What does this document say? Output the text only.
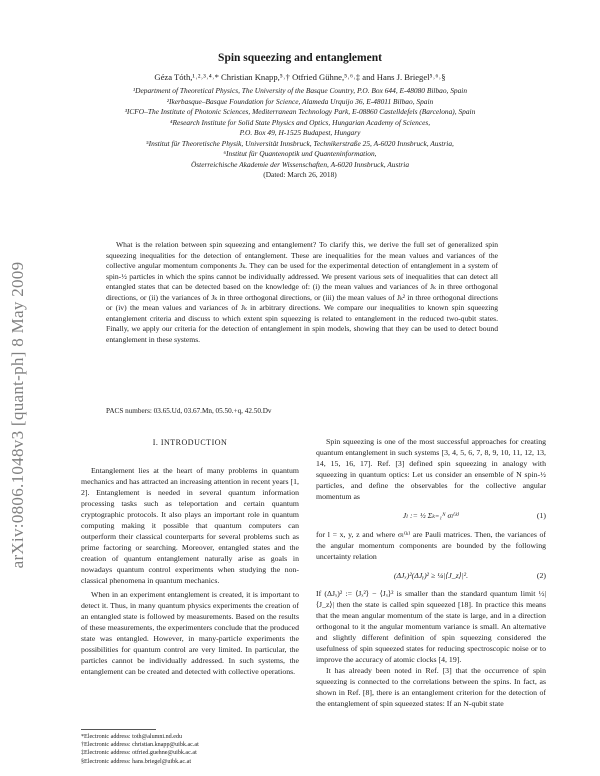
arXiv:0806.1048v3 [quant-ph] 8 May 2009
Spin squeezing and entanglement
Géza Tóth,¹˒²˒³˒⁴˒* Christian Knapp,⁵˒† Otfried Gühne,⁵˒⁶˒‡ and Hans J. Briegel⁵˒⁶˒§
¹Department of Theoretical Physics, The University of the Basque Country, P.O. Box 644, E-48080 Bilbao, Spain
²Ikerbasque–Basque Foundation for Science, Alameda Urquijo 36, E-48011 Bilbao, Spain
³ICFO–The Institute of Photonic Sciences, Mediterranean Technology Park, E-08860 Castelldefels (Barcelona), Spain
⁴Research Institute for Solid State Physics and Optics, Hungarian Academy of Sciences,
P.O. Box 49, H-1525 Budapest, Hungary
⁵Institut für Theoretische Physik, Universität Innsbruck, Technikerstraße 25, A-6020 Innsbruck, Austria,
⁶Institut für Quantenoptik und Quanteninformation,
Österreichische Akademie der Wissenschaften, A-6020 Innsbruck, Austria
(Dated: March 26, 2018)
What is the relation between spin squeezing and entanglement? To clarify this, we derive the full set of generalized spin squeezing inequalities for the detection of entanglement. These are inequalities for the mean values and variances of the collective angular momentum components Jₖ. They can be used for the experimental detection of entanglement in a system of spin-½ particles in which the spins cannot be individually addressed. We present various sets of inequalities that can detect all entangled states that can be detected based on the knowledge of: (i) the mean values and variances of Jₖ in three orthogonal directions, or (ii) the variances of Jₖ in three orthogonal directions, or (iii) the mean values of Jₖ² in three orthogonal directions or (iv) the mean values and variances of Jₖ in arbitrary directions. We compare our inequalities to known spin squeezing entanglement criteria and discuss to which extent spin squeezing is related to entanglement in the reduced two-qubit states. Finally, we apply our criteria for the detection of entanglement in spin models, showing that they can be used to detect bound entanglement in these systems.
PACS numbers: 03.65.Ud, 03.67.Mn, 05.50.+q, 42.50.Dv
I. INTRODUCTION

Entanglement lies at the heart of many problems in quantum mechanics and has attracted an increasing attention in recent years [1, 2]. Entanglement is needed in several quantum information processing tasks such as teleportation and certain quantum cryptographic protocols. It also plays an important role in quantum computing making it possible that quantum computers can outperform their classical counterparts for several problems such as prime factoring or searching. Moreover, entangled states and the creation of quantum entanglement naturally arise as goals in nowadays quantum control experiments when studying the non-classical phenomena in quantum mechanics.

When in an experiment entanglement is created, it is important to detect it. Thus, in many quantum physics experiments the creation of an entangled state is followed by measurements. Based on the results of these measurements, the experimenters conclude that the produced state was entangled. However, in many-particle experiments the possibilities for quantum control are very limited. In particular, the particles cannot be individually addressed. In such systems, the entanglement can be created and detected with collective operations.

*Electronic address: toth@alumni.nd.edu
†Electronic address: christian.knapp@uibk.ac.at
‡Electronic address: otfried.guehne@uibk.ac.at
§Electronic address: hans.briegel@uibk.ac.at

Spin squeezing is one of the most successful approaches for creating quantum entanglement in such systems [3, 4, 5, 6, 7, 8, 9, 10, 11, 12, 13, 14, 15, 16, 17]. Ref. [3] defined spin squeezing in analogy with squeezing in quantum optics: Let us consider an ensemble of N spin-½ particles, and define the observables for the collective angular momentum as

Jₗ := ½ Σₖ₌₁ᴺ σₗ⁽ᵏ⁾	(1)

for l = x, y, z and where σₗ⁽ᵏ⁾ are Pauli matrices. Then, the variances of the angular momentum components are bounded by the following uncertainty relation

(ΔJₓ)²(ΔJᵧ)² ≥ ¼|⟨J_z⟩|².	(2)

If (ΔJₓ)² := ⟨Jₓ²⟩ − ⟨Jₓ⟩² is smaller than the standard quantum limit ½|⟨J_z⟩| then the state is called spin squeezed [18]. In practice this means that the mean angular momentum of the state is large, and in a direction orthogonal to it the angular momentum variance is small. An alternative and slightly different definition of spin squeezing considered the usefulness of spin squeezed states for reducing spectroscopic noise or to improve the accuracy of atomic clocks [4, 19].

It has already been noted in Ref. [3] that the occurrence of spin squeezing is connected to the correlations between the spins. In fact, as shown in Ref. [8], there is an entanglement criterion for the detection of the entanglement of spin squeezed states: If an N-qubit state
